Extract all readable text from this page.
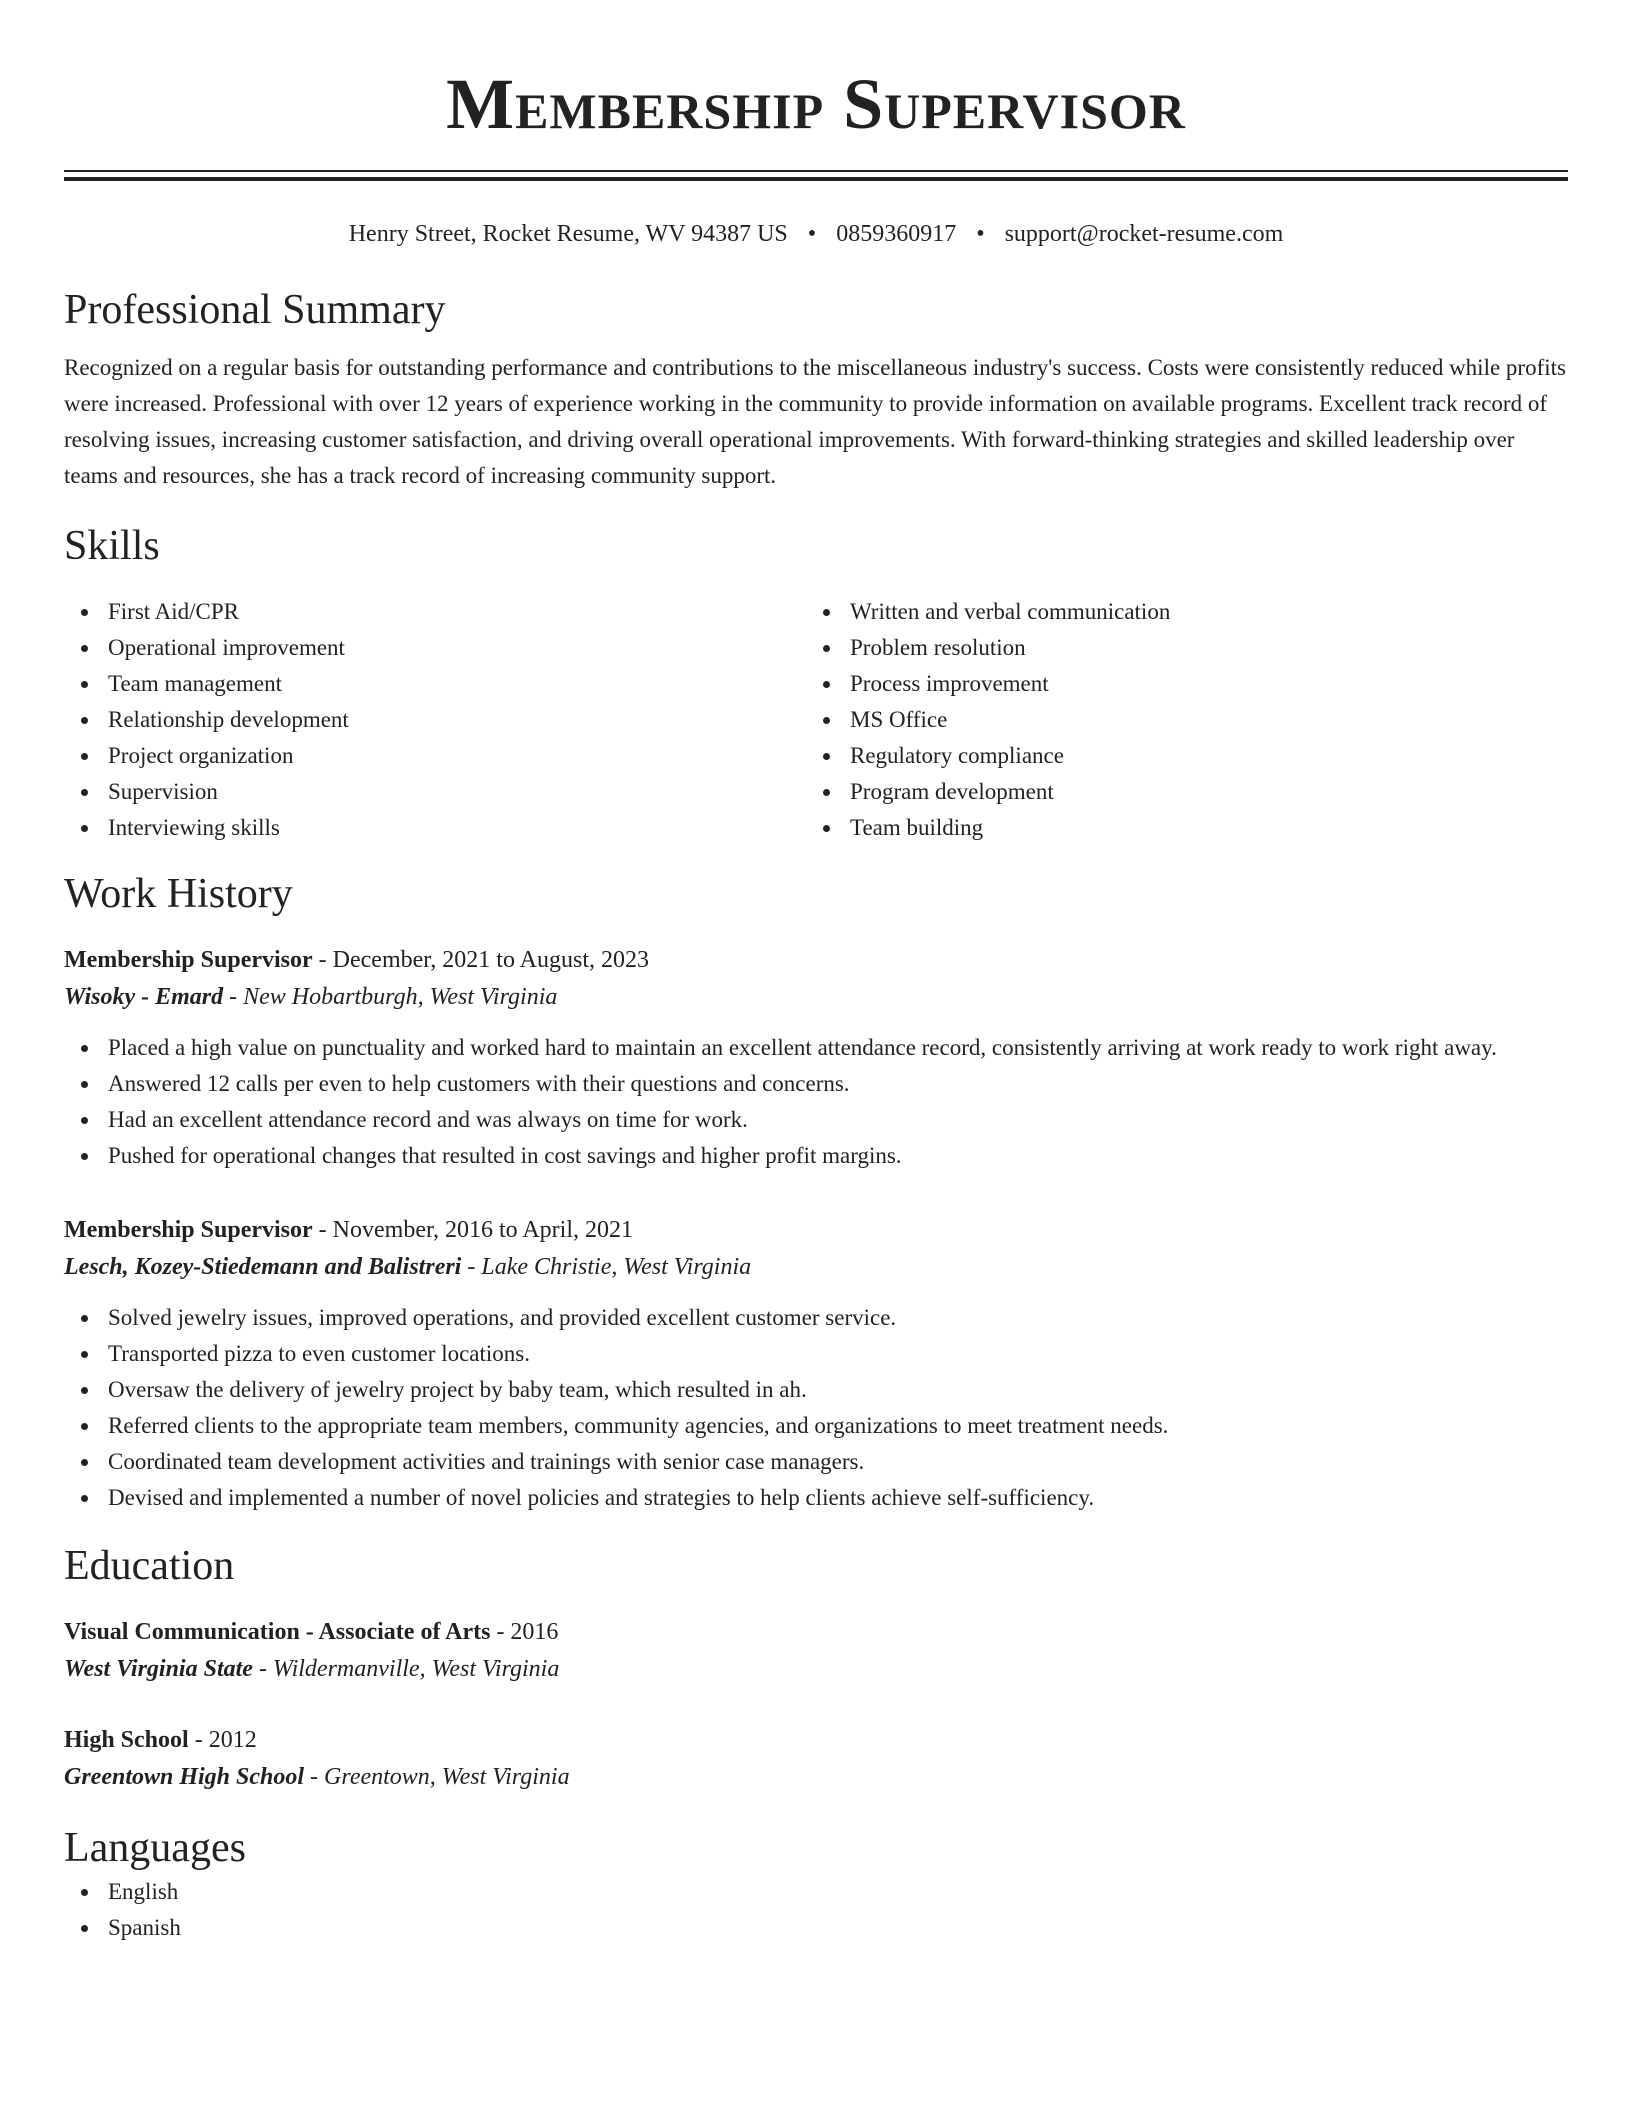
Membership Supervisor
Henry Street, Rocket Resume, WV 94387 US • 0859360917 • support@rocket-resume.com
Professional Summary

Recognized on a regular basis for outstanding performance and contributions to the miscellaneous industry's success. Costs were consistently reduced while profits were increased. Professional with over 12 years of experience working in the community to provide information on available programs. Excellent track record of resolving issues, increasing customer satisfaction, and driving overall operational improvements. With forward-thinking strategies and skilled leadership over teams and resources, she has a track record of increasing community support.

Skills
First Aid/CPR
Operational improvement
Team management
Relationship development
Project organization
Supervision
Interviewing skills
Written and verbal communication
Problem resolution
Process improvement
MS Office
Regulatory compliance
Program development
Team building
Work History
Membership Supervisor - December, 2021 to August, 2023
Wisoky - Emard - New Hobartburgh, West Virginia
Placed a high value on punctuality and worked hard to maintain an excellent attendance record, consistently arriving at work ready to work right away.
Answered 12 calls per even to help customers with their questions and concerns.
Had an excellent attendance record and was always on time for work.
Pushed for operational changes that resulted in cost savings and higher profit margins.
Membership Supervisor - November, 2016 to April, 2021
Lesch, Kozey-Stiedemann and Balistreri - Lake Christie, West Virginia
Solved jewelry issues, improved operations, and provided excellent customer service.
Transported pizza to even customer locations.
Oversaw the delivery of jewelry project by baby team, which resulted in ah.
Referred clients to the appropriate team members, community agencies, and organizations to meet treatment needs.
Coordinated team development activities and trainings with senior case managers.
Devised and implemented a number of novel policies and strategies to help clients achieve self-sufficiency.
Education
Visual Communication - Associate of Arts - 2016
West Virginia State - Wildermanville, West Virginia
High School - 2012
Greentown High School - Greentown, West Virginia
Languages
English
Spanish
